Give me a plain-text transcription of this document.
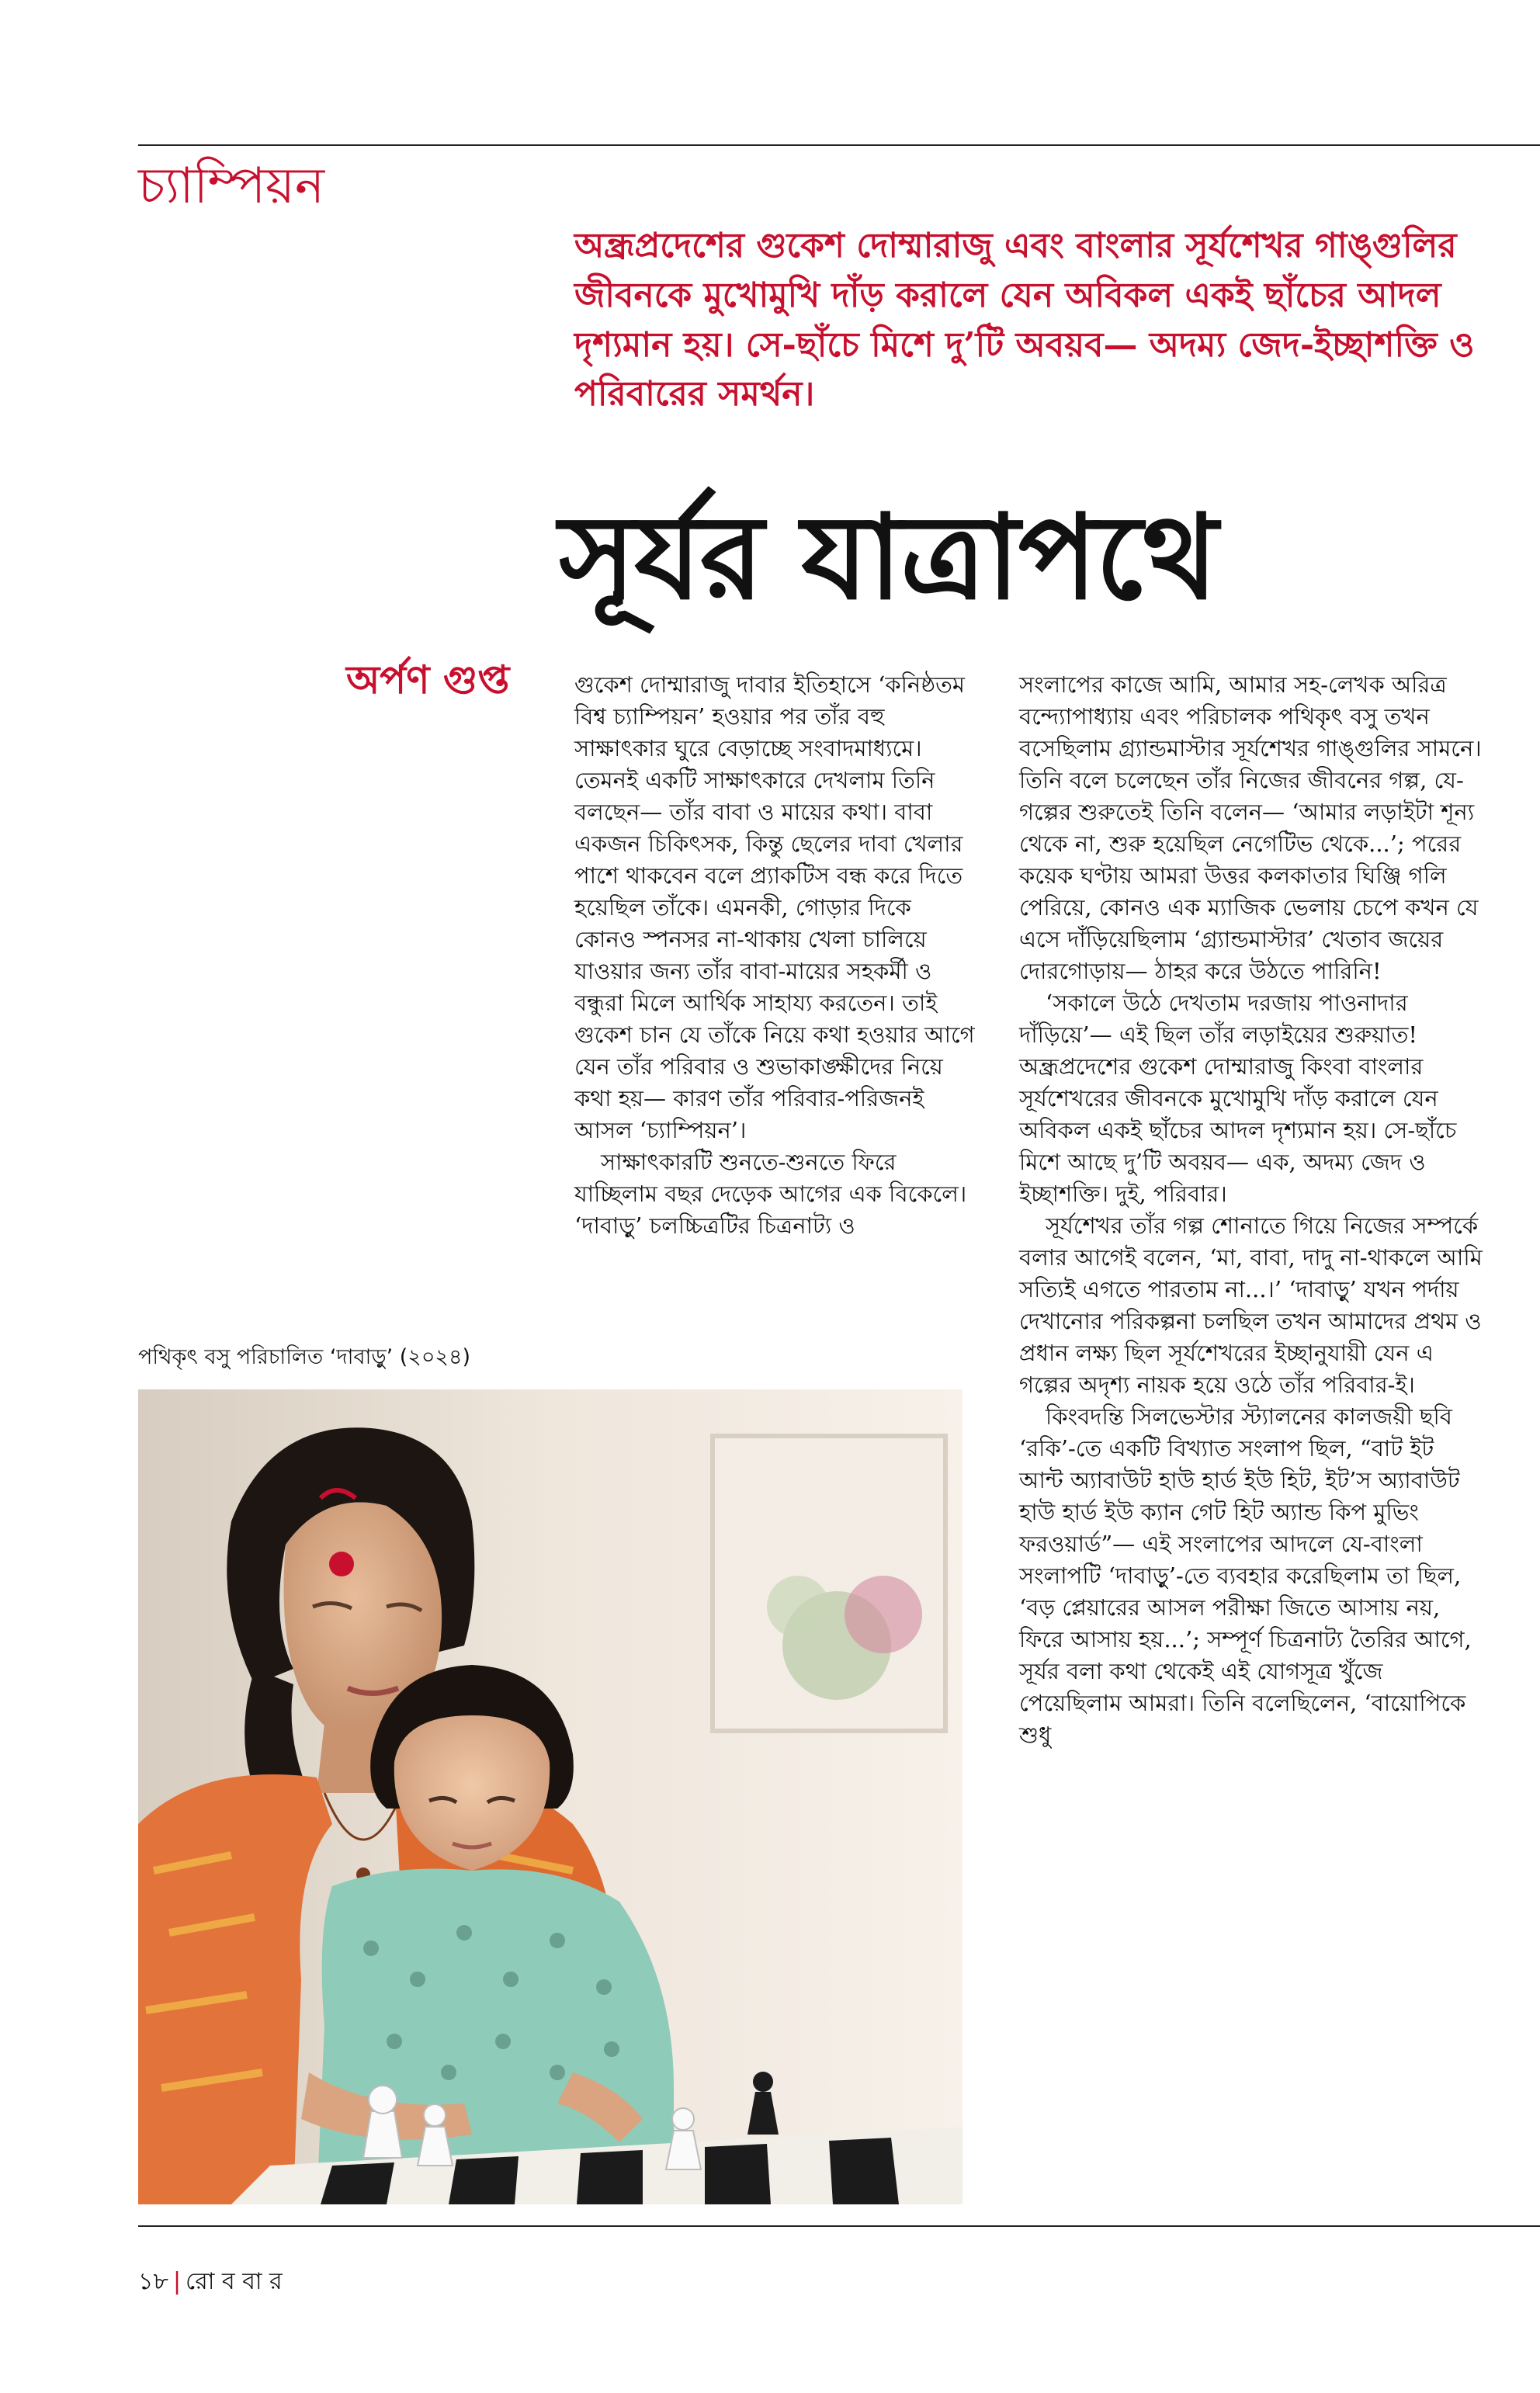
চ্যাম্পিয়ন
অন্ধ্রপ্রদেশের গুকেশ দোম্মারাজু এবং বাংলার সূর্যশেখর গাঙ্গুলির জীবনকে মুখোমুখি দাঁড় করালে যেন অবিকল একই ছাঁচের আদল দৃশ্যমান হয়। সে-ছাঁচে মিশে দু’টি অবয়ব— অদম্য জেদ-ইচ্ছাশক্তি ও পরিবারের সমর্থন।
সূর্যর যাত্রাপথে
অর্পণ গুপ্ত	গুকেশ দোম্মারাজু দাবার ইতিহাসে ‘কনিষ্ঠতম বিশ্ব চ্যাম্পিয়ন’ হওয়ার পর তাঁর বহু সাক্ষাৎকার ঘুরে বেড়াচ্ছে সংবাদমাধ্যমে। তেমনই একটি সাক্ষাৎকারে দেখলাম তিনি বলছেন— তাঁর বাবা ও মায়ের কথা। বাবা একজন চিকিৎসক, কিন্তু ছেলের দাবা খেলার পাশে থাকবেন বলে প্র্যাকটিস বন্ধ করে দিতে হয়েছিল তাঁকে। এমনকী, গোড়ার দিকে কোনও স্পনসর না-থাকায় খেলা চালিয়ে যাওয়ার জন্য তাঁর বাবা-মায়ের সহকর্মী ও বন্ধুরা মিলে আর্থিক সাহায্য করতেন। তাই গুকেশ চান যে তাঁকে নিয়ে কথা হওয়ার আগে যেন তাঁর পরিবার ও শুভাকাঙ্ক্ষীদের নিয়ে কথা হয়— কারণ তাঁর পরিবার-পরিজনই আসল ‘চ্যাম্পিয়ন’।

সাক্ষাৎকারটি শুনতে-শুনতে ফিরে যাচ্ছিলাম বছর দেড়েক আগের এক বিকেলে। ‘দাবাড়ু’ চলচ্চিত্রটির চিত্রনাট্য ও

সংলাপের কাজে আমি, আমার সহ-লেখক অরিত্র বন্দ্যোপাধ্যায় এবং পরিচালক পথিকৃৎ বসু তখন বসেছিলাম গ্র্যান্ডমাস্টার সূর্যশেখর গাঙ্গুলির সামনে। তিনি বলে চলেছেন তাঁর নিজের জীবনের গল্প, যে-গল্পের শুরুতেই তিনি বলেন— ‘আমার লড়াইটা শূন্য থেকে না, শুরু হয়েছিল নেগেটিভ থেকে...’; পরের কয়েক ঘণ্টায় আমরা উত্তর কলকাতার ঘিঞ্জি গলি পেরিয়ে, কোনও এক ম্যাজিক ভেলায় চেপে কখন যে এসে দাঁড়িয়েছিলাম ‘গ্র্যান্ডমাস্টার’ খেতাব জয়ের দোরগোড়ায়— ঠাহর করে উঠতে পারিনি!

‘সকালে উঠে দেখতাম দরজায় পাওনাদার দাঁড়িয়ে’— এই ছিল তাঁর লড়াইয়ের শুরুয়াত! অন্ধ্রপ্রদেশের গুকেশ দোম্মারাজু কিংবা বাংলার সূর্যশেখরের জীবনকে মুখোমুখি দাঁড় করালে যেন অবিকল একই ছাঁচের আদল দৃশ্যমান হয়। সে-ছাঁচে মিশে আছে দু’টি অবয়ব— এক, অদম্য জেদ ও ইচ্ছাশক্তি। দুই, পরিবার।

সূর্যশেখর তাঁর গল্প শোনাতে গিয়ে নিজের সম্পর্কে বলার আগেই বলেন, ‘মা, বাবা, দাদু না-থাকলে আমি সত্যিই এগতে পারতাম না...।’ ‘দাবাড়ু’ যখন পর্দায় দেখানোর পরিকল্পনা চলছিল তখন আমাদের প্রথম ও প্রধান লক্ষ্য ছিল সূর্যশেখরের ইচ্ছানুযায়ী যেন এ গল্পের অদৃশ্য নায়ক হয়ে ওঠে তাঁর পরিবার-ই।

কিংবদন্তি সিলভেস্টার স্ট্যালনের কালজয়ী ছবি ‘রকি’-তে একটি বিখ্যাত সংলাপ ছিল, “বাট ইট আন্ট অ্যাবাউট হাউ হার্ড ইউ হিট, ইট’স অ্যাবাউট হাউ হার্ড ইউ ক্যান গেট হিট অ্যান্ড কিপ মুভিং ফরওয়ার্ড”— এই সংলাপের আদলে যে-বাংলা সংলাপটি ‘দাবাড়ু’-তে ব্যবহার করেছিলাম তা ছিল, ‘বড় প্লেয়ারের আসল পরীক্ষা জিতে আসায় নয়, ফিরে আসায় হয়...’; সম্পূর্ণ চিত্রনাট্য তৈরির আগে, সূর্যর বলা কথা থেকেই এই যোগসূত্র খুঁজে পেয়েছিলাম আমরা। তিনি বলেছিলেন, ‘বায়োপিকে শুধু

পথিকৃৎ বসু পরিচালিত ‘দাবাড়ু’ (২০২৪)
১৮ | রো ব বা র
